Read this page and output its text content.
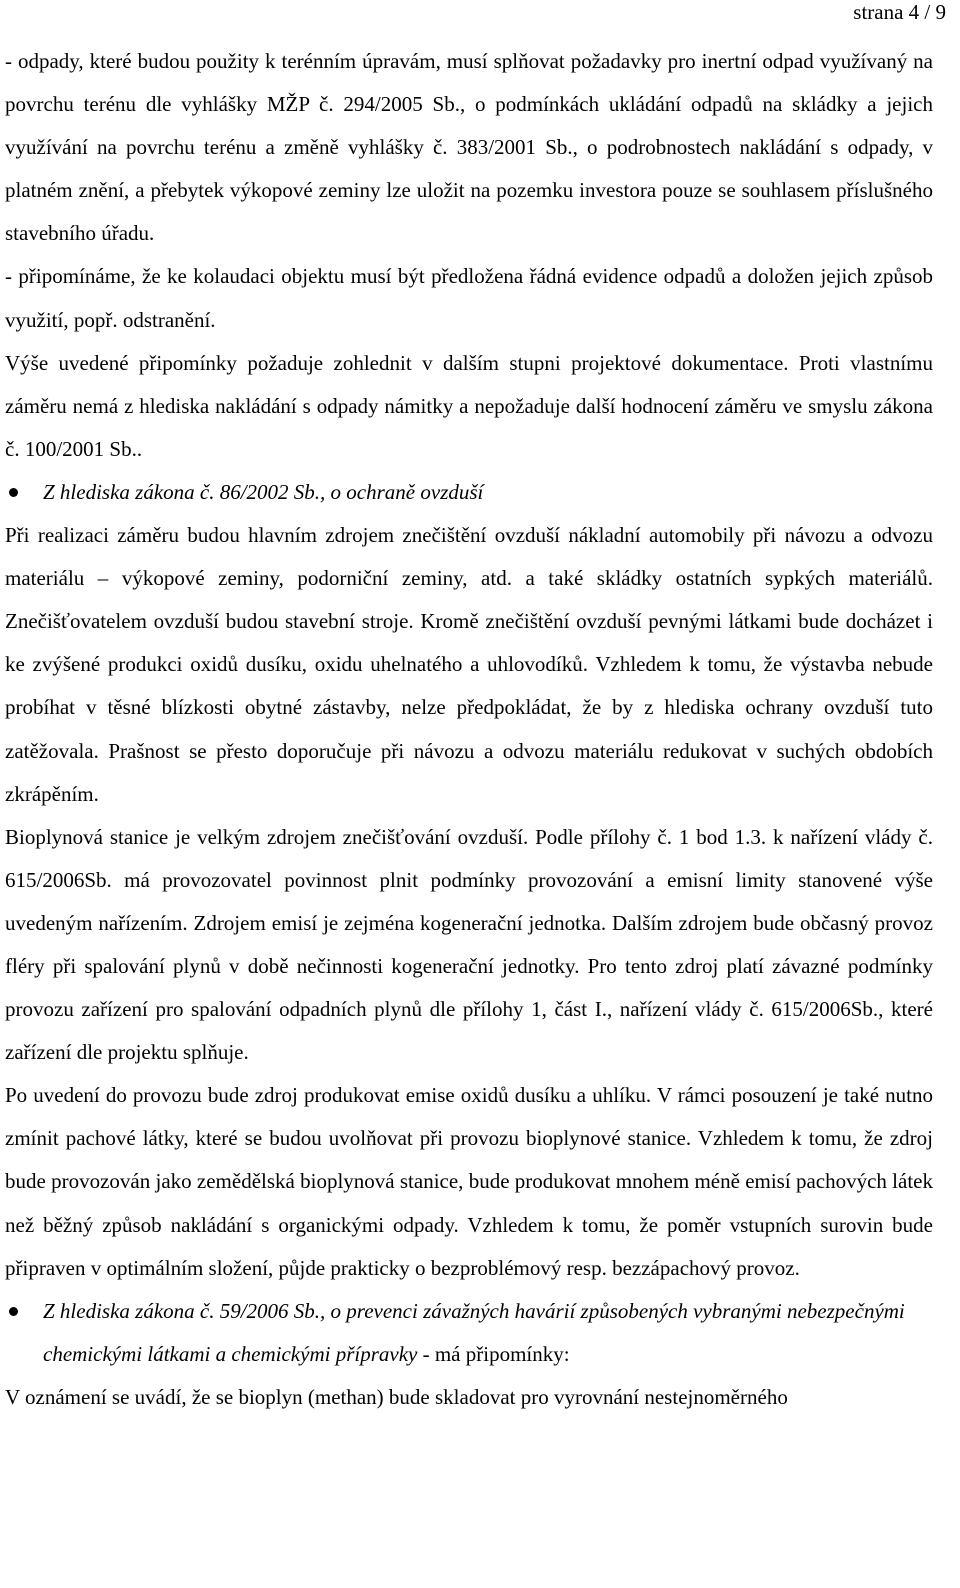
strana 4 / 9

- odpady, které budou použity k terénním úpravám, musí splňovat požadavky pro inertní odpad využívaný na povrchu terénu dle vyhlášky MŽP č. 294/2005 Sb., o podmínkách ukládání odpadů na skládky a jejich využívání na povrchu terénu a změně vyhlášky č. 383/2001 Sb., o podrobnostech nakládání s odpady, v platném znění, a přebytek výkopové zeminy lze uložit na pozemku investora pouze se souhlasem příslušného stavebního úřadu.

- připomínáme, že ke kolaudaci objektu musí být předložena řádná evidence odpadů a doložen jejich způsob využití, popř. odstranění.

Výše uvedené připomínky požaduje zohlednit v dalším stupni projektové dokumentace. Proti vlastnímu záměru nemá z hlediska nakládání s odpady námitky a nepožaduje další hodnocení záměru ve smyslu zákona č. 100/2001 Sb..

Z hlediska zákona č. 86/2002 Sb., o ochraně ovzduší

Při realizaci záměru budou hlavním zdrojem znečištění ovzduší nákladní automobily při návozu a odvozu materiálu – výkopové zeminy, podorniční zeminy, atd. a také skládky ostatních sypkých materiálů. Znečišťovatelem ovzduší budou stavební stroje. Kromě znečištění ovzduší pevnými látkami bude docházet i ke zvýšené produkci oxidů dusíku, oxidu uhelnatého a uhlovodíků. Vzhledem k tomu, že výstavba nebude probíhat v těsné blízkosti obytné zástavby, nelze předpokládat, že by z hlediska ochrany ovzduší tuto zatěžovala. Prašnost se přesto doporučuje při návozu a odvozu materiálu redukovat v suchých obdobích zkrápěním.

Bioplynová stanice je velkým zdrojem znečišťování ovzduší. Podle přílohy č. 1 bod 1.3. k nařízení vlády č. 615/2006Sb. má provozovatel povinnost plnit podmínky provozování a emisní limity stanovené výše uvedeným nařízením. Zdrojem emisí je zejména kogenerační jednotka. Dalším zdrojem bude občasný provoz fléry při spalování plynů v době nečinnosti kogenerační jednotky. Pro tento zdroj platí závazné podmínky provozu zařízení pro spalování odpadních plynů dle přílohy 1, část I., nařízení vlády č. 615/2006Sb., které zařízení dle projektu splňuje.

Po uvedení do provozu bude zdroj produkovat emise oxidů dusíku a uhlíku. V rámci posouzení je také nutno zmínit pachové látky, které se budou uvolňovat při provozu bioplynové stanice. Vzhledem k tomu, že zdroj bude provozován jako zemědělská bioplynová stanice, bude produkovat mnohem méně emisí pachových látek než běžný způsob nakládání s organickými odpady. Vzhledem k tomu, že poměr vstupních surovin bude připraven v optimálním složení, půjde prakticky o bezproblémový resp. bezzápachový provoz.

Z hlediska zákona č. 59/2006 Sb., o prevenci závažných havárií způsobených vybranými nebezpečnými chemickými látkami a chemickými přípravky - má připomínky:

V oznámení se uvádí, že se bioplyn (methan) bude skladovat pro vyrovnání nestejnoměrného
